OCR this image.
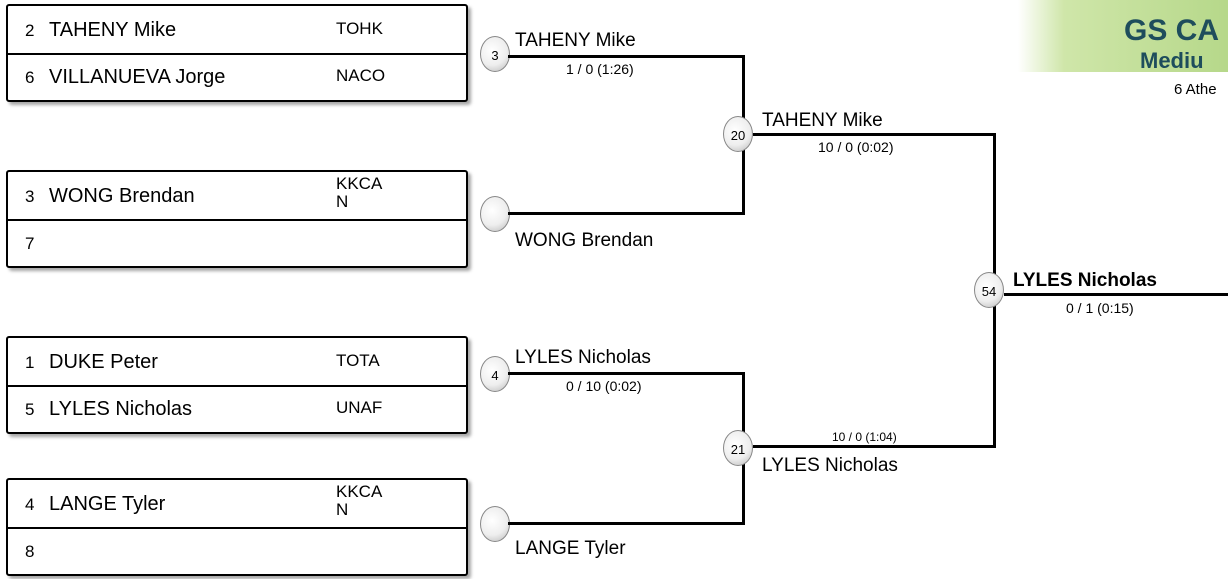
GS CA
Mediu
6 Athe
2 TAHENY Mike	TOHK
6 VILLANUEVA Jorge	NACO
3 WONG Brendan
KKCA
N
7
1 DUKE Peter	TOTA
5 LYLES Nicholas	UNAF
4 LANGE Tyler
KKCA
N
8
3
4
TAHENY Mike
1 / 0 (1:26)
WONG Brendan
LYLES Nicholas
0 / 10 (0:02)
LANGE Tyler
20
21
TAHENY Mike
10 / 0 (0:02)
10 / 0 (1:04)
LYLES Nicholas
54
LYLES Nicholas
0 / 1 (0:15)
